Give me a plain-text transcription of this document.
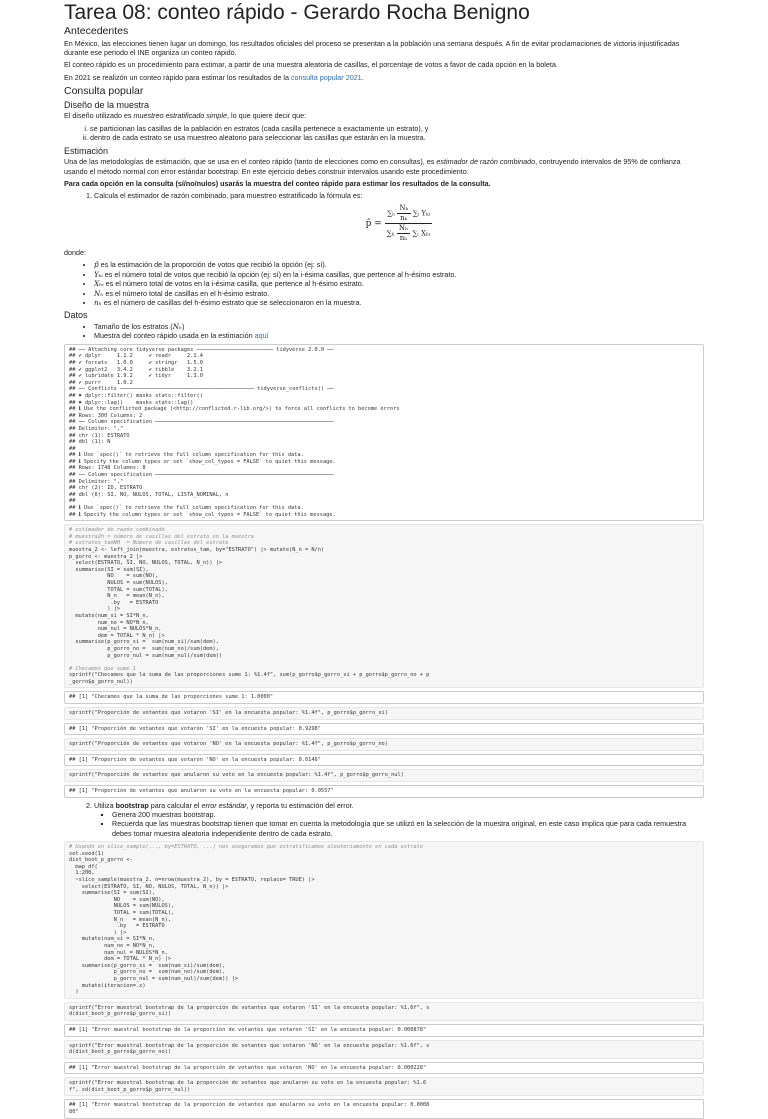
Tarea 08: conteo rápido - Gerardo Rocha Benigno
Antecedentes

En México, las elecciones tienen lugar un domingo, los resultados oficiales del proceso se presentan a la población una semana después. A fin de evitar proclamaciones de victoria injustificadas durante ese periodo el INE organiza un conteo rápido.

El conteo rápido es un procedimiento para estimar, a partir de una muestra aleatoria de casillas, el porcentaje de votos a favor de cada opción en la boleta.

En 2021 se realizón un conteo rápido para estimar los resultados de la consulta popular 2021.

Consulta popular
Diseño de la muestra

El diseño utilizado es muestreo estratificado simple, lo que quiere decir que:

i. se particionan las casillas de la pablación en estratos (cada casilla pertenece a exactamente un estrato), y
ii. dentro de cada estrato se usa muestreo aleatorio para seleccionar las casillas que estarán en la muestra.
Estimación

Una de las metodologías de estimación, que se usa en el conteo rápido (tanto de elecciones como en consultas), es estimador de razón combinado, contruyendo intervalos de 95% de confianza usando el método normal con error estándar bootstrap. En este ejercicio debes construir intervalos usando este procedimiento.

Para cada opción en la consulta (sí/no/nulos) usarás la muestra del conteo rápido para estimar los resultados de la consulta.

1. Calcula el estimador de razón combinado, para muestreo estratificado la fórmula es:
p̂ = $\frac{\sum_h \frac{\text{Nₕ}}{\text{nₕ}} \sum ᵢ Y_kᵢ}{\sum_h \frac{\text{Nₕ}}{\text{nₕ}} \sum ᵢ X_hᵢ}$

donde:

• p̂ es la estimación de la proporción de votos que recibió la opción (ej: sí).
• Yₖᵢ es el número total de votos que recibió la opción (ej: sí) en la i-ésima casillas, que pertence al h-ésimo estrato.
• Xₕᵢ es el número total de votos en la i-ésima casilla, que pertence al h-ésimo estrato.
• Nₕ es el número total de casillas en el h-ésimo estrato.
• nₕ es el número de casillas del h-ésimo estrato que se seleccionaron en la muestra.
Datos
• Tamaño de los estratos (Nₕ)
• Muestra del conteo rápido usada en la estimación aquí
## ── Attaching core tidyverse packages ──────────────────────── tidyverse 2.0.0 ──
## ✔ dplyr     1.1.2     ✔ readr     2.1.4
## ✔ forcats   1.0.0     ✔ stringr   1.5.0
## ✔ ggplot2   3.4.2     ✔ tibble    3.2.1
## ✔ lubridate 1.9.2     ✔ tidyr     1.3.0
## ✔ purrr     1.0.2
## ── Conflicts ────────────────────────────────────────── tidyverse_conflicts() ──
## ✖ dplyr::filter() masks stats::filter()
## ✖ dplyr::lag()    masks stats::lag()
## ℹ Use the conflicted package (<http://conflicted.r-lib.org/>) to force all conflicts to become errors
## Rows: 300 Columns: 2
## ── Column specification ────────────────────────────────────────────────────────
## Delimiter: ","
## chr (1): ESTRATO
## dbl (1): N
##
## ℹ Use `spec()` to retrieve the full column specification for this data.
## ℹ Specify the column types or set `show_col_types = FALSE` to quiet this message.
## Rows: 1748 Columns: 8
## ── Column specification ────────────────────────────────────────────────────────
## Delimiter: ","
## chr (2): ID, ESTRATO
## dbl (6): SI, NO, NULOS, TOTAL, LISTA_NOMINAL, n
##
## ℹ Use `spec()` to retrieve the full column specification for this data.
## ℹ Specify the column types or set `show_col_types = FALSE` to quiet this message.
# estimador de razón combinado
# muestra2h = número de casillas del estrato en la muestra
# estratos_tamNH  = Número de casillas del estrato
muestra_2 <- left_join(muestra, estratos_tam, by="ESTRATO") |> mutate(N_n = N/n)
p_gorro <- muestra_2 |>
select(ESTRATO, SI, NO, NULOS, TOTAL, N_n)) |>
summarise(SI = sum(SI),
NO    = sum(NO),
NULOS = sum(NULOS),
TOTAL = sum(TOTAL),
N_n   = mean(N_n),
.by   = ESTRATO
) |>
mutate(num_si = SI*N_n,
num_no = NO*N_n,
num_nul = NULOS*N_n,
dem = TOTAL * N_n) |>
summarise(p_gorro_si =  sum(num_si)/sum(dem),
p_gorro_no =  sum(num_no)/sum(dem),
p_gorro_nul = sum(num_nul)/sum(dem))

# Checamos que sume 1
sprintf("Checamos que la suma de las proporciones sume 1: %1.4f", sum(p_gorro$p_gorro_si + p_gorro$p_gorro_no + p
_gorro$p_gorro_nul))
## [1] "Checamos que la suma de las proporciones sume 1: 1.0000"
sprintf("Proporción de votantes que votaron 'SI' en la encuesta popular: %1.4f", p_gorro$p_gorro_si)
## [1] "Proporción de votantes que votaron 'SI' en la encuesta popular: 0.9298"
sprintf("Proporción de votantes que votaron 'NO' en la encuesta popular: %1.4f", p_gorro$p_gorro_no)
## [1] "Proporción de votantes que votaron 'NO' en la encuesta popular: 0.0146"
sprintf("Proporción de votantes que anularon su voto en la encuesta popular: %1.4f", p_gorro$p_gorro_nul)
## [1] "Proporción de votantes que anularon su voto en la encuesta popular: 0.0557"
2. Utiliza bootstrap para calcular el error estándar, y reporta tu estimación del error.
▪ Genera 200 muestras bootstrap.
▪ Recuerda que las muestras bootstrap tienen que tomar en cuenta la metodología que se utilizó en la selección de la muestra original, en este caso implica que para cada remuestra debes tomar muestra aleatoria independiente dentro de cada estrato.
# Usando en slice_sample(..., by=ESTRATO, ...) nos aseguramos que estratificamos aleatoriamente en cada estrato
set.seed(1)
dist_boot_p_gorro <-
map_df(
1:200,
~slice_sample(muestra_2, n=nrow(muestra_2), by = ESTRATO, replace= TRUE) |>
select(ESTRATO, SI, NO, NULOS, TOTAL, N_n)) |>
summarise(SI = sum(SI),
NO    = sum(NO),
NULOS = sum(NULOS),
TOTAL = sum(TOTAL),
N_n   = mean(N_n),
.by   = ESTRATO
) |>
mutate(num_si = SI*N_n,
num_no = NO*N_n,
num_nul = NULOS*N_n,
dem = TOTAL * N_n) |>
summarise(p_gorro_si =  sum(num_si)/sum(dem),
p_gorro_no =  sum(num_no)/sum(dem),
p_gorro_nul = sum(num_nul)/sum(dem)) |>
mutate(iteracion=.x)
)
sprintf("Error muestral bootstrap de la proporción de votantes que votaron 'SI' en la encuesta popular: %1.6f", s
d(dist_boot_p_gorro$p_gorro_si))
## [1] "Error muestral bootstrap de la proporción de votantes que votaron 'SI' en la encuesta popular: 0.000878"
sprintf("Error muestral bootstrap de la proporción de votantes que votaron 'NO' en la encuesta popular: %1.6f", s
d(dist_boot_p_gorro$p_gorro_no))
## [1] "Error muestral bootstrap de la proporción de votantes que votaron 'NO' en la encuesta popular: 0.000228"
sprintf("Error muestral bootstrap de la proporción de votantes que anularon su voto en la encuesta popular: %1.6
f", sd(dist_boot_p_gorro$p_gorro_nul))
## [1] "Error muestral bootstrap de la proporción de votantes que anularon su voto en la encuesta popular: 0.0008
80"
